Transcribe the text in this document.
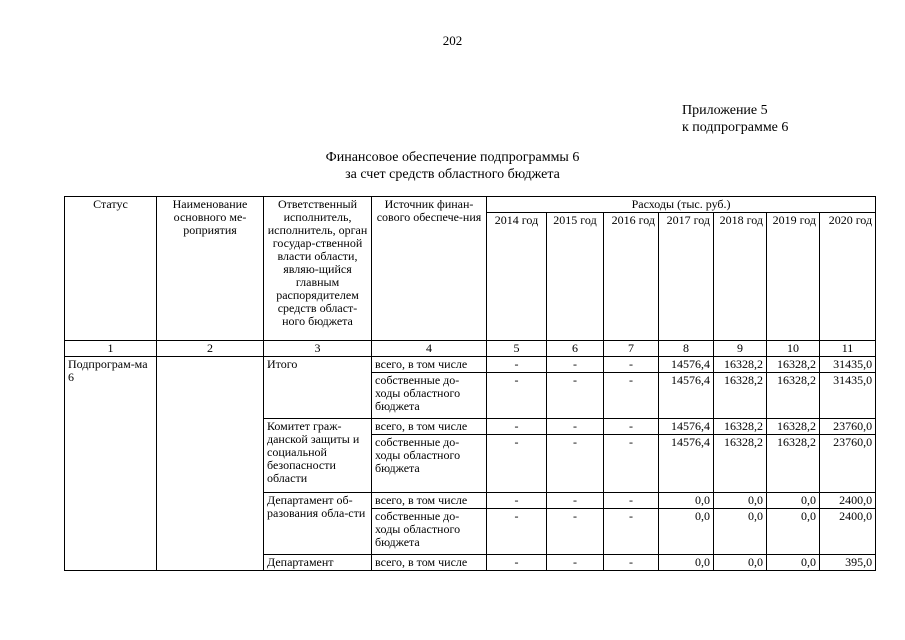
202
Приложение 5
к подпрограмме 6
Финансовое обеспечение подпрограммы 6
за счет средств областного бюджета
Статус	Наименование основного ме-роприятия	Ответственный исполнитель, исполнитель, орган государ-ственной власти области, являю-щийся главным распорядителем средств област-ного бюджета	Источник финан-сового обеспече-ния	Расходы (тыс. руб.)						
				2014 год	2015 год	2016 год	2017 год	2018 год	2019 год	2020 год
1	2	3	4	5	6	7	8	9	10	11
Подпрограм-ма 6		Итого	всего, в том числе	-	-	-	14576,4	16328,2	16328,2	31435,0
			собственные до-ходы областного бюджета	-	-	-	14576,4	16328,2	16328,2	31435,0
		Комитет граж-данской защиты и социальной безопасности области	всего, в том числе	-	-	-	14576,4	16328,2	16328,2	23760,0
			собственные до-ходы областного бюджета	-	-	-	14576,4	16328,2	16328,2	23760,0
		Департамент об-разования обла-сти	всего, в том числе	-	-	-	0,0	0,0	0,0	2400,0
			собственные до-ходы областного бюджета	-	-	-	0,0	0,0	0,0	2400,0
		Департамент	всего, в том числе	-	-	-	0,0	0,0	0,0	395,0
